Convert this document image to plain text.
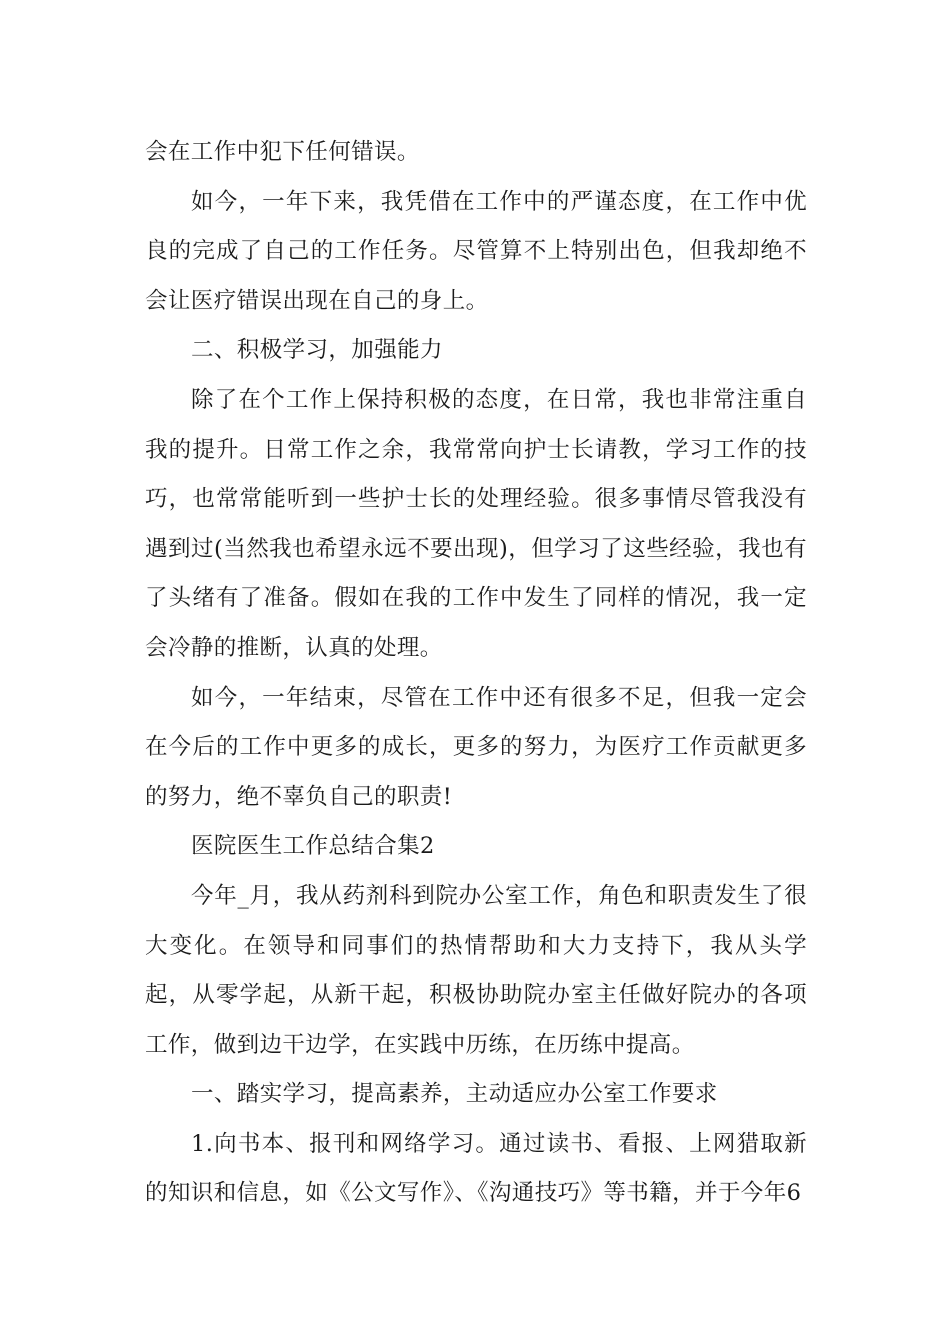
会在工作中犯下任何错误。

如今，一年下来，我凭借在工作中的严谨态度，在工作中优良的完成了自己的工作任务。尽管算不上特别出色，但我却绝不会让医疗错误出现在自己的身上。

二、积极学习，加强能力

除了在个工作上保持积极的态度，在日常，我也非常注重自我的提升。日常工作之余，我常常向护士长请教，学习工作的技巧，也常常能听到一些护士长的处理经验。很多事情尽管我没有遇到过(当然我也希望永远不要出现)，但学习了这些经验，我也有了头绪有了准备。假如在我的工作中发生了同样的情况，我一定会冷静的推断，认真的处理。

如今，一年结束，尽管在工作中还有很多不足，但我一定会在今后的工作中更多的成长，更多的努力，为医疗工作贡献更多的努力，绝不辜负自己的职责!

医院医生工作总结合集2

今年_月，我从药剂科到院办公室工作，角色和职责发生了很大变化。在领导和同事们的热情帮助和大力支持下，我从头学起，从零学起，从新干起，积极协助院办室主任做好院办的各项工作，做到边干边学，在实践中历练，在历练中提高。

一、踏实学习，提高素养，主动适应办公室工作要求

1.向书本、报刊和网络学习。通过读书、看报、上网猎取新的知识和信息，如《公文写作》、《沟通技巧》等书籍，并于今年6
